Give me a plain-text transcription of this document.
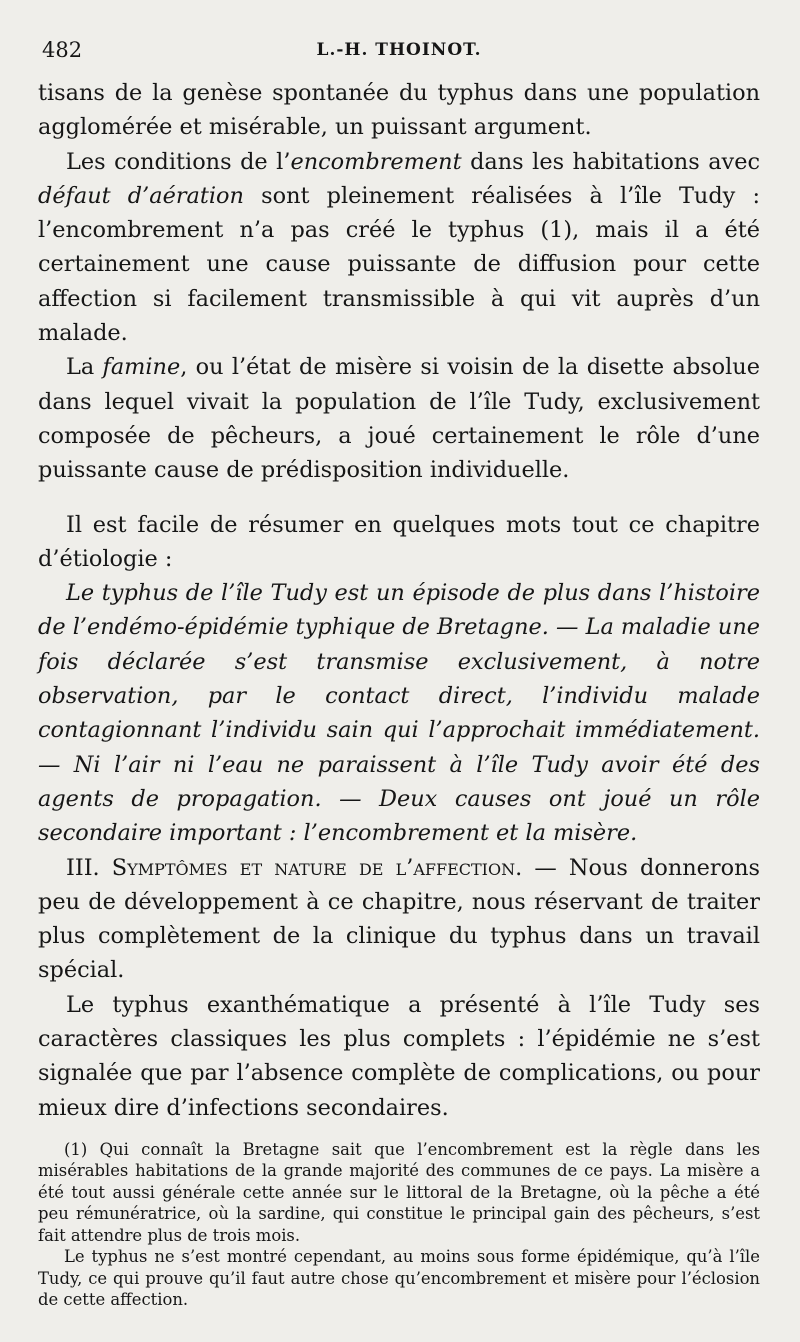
482	L.-H. THOINOT.

tisans de la genèse spontanée du typhus dans une population agglomérée et misérable, un puissant argument.

Les conditions de l’encombrement dans les habitations avec défaut d’aération sont pleinement réalisées à l’île Tudy : l’encombrement n’a pas créé le typhus (1), mais il a été certainement une cause puissante de diffusion pour cette affection si facilement transmissible à qui vit auprès d’un malade.

La famine, ou l’état de misère si voisin de la disette absolue dans lequel vivait la population de l’île Tudy, exclusivement composée de pêcheurs, a joué certainement le rôle d’une puissante cause de prédisposition individuelle.

Il est facile de résumer en quelques mots tout ce chapitre d’étiologie :

Le typhus de l’île Tudy est un épisode de plus dans l’histoire de l’endémo-épidémie typhique de Bretagne. — La maladie une fois déclarée s’est transmise exclusivement, à notre observation, par le contact direct, l’individu malade contagionnant l’individu sain qui l’approchait immédiatement. — Ni l’air ni l’eau ne paraissent à l’île Tudy avoir été des agents de propagation. — Deux causes ont joué un rôle secondaire important : l’encombrement et la misère.

III. Symptômes et nature de l’affection. — Nous donnerons peu de développement à ce chapitre, nous réservant de traiter plus complètement de la clinique du typhus dans un travail spécial.

Le typhus exanthématique a présenté à l’île Tudy ses caractères classiques les plus complets : l’épidémie ne s’est signalée que par l’absence complète de complications, ou pour mieux dire d’infections secondaires.

(1) Qui connaît la Bretagne sait que l’encombrement est la règle dans les misérables habitations de la grande majorité des communes de ce pays. La misère a été tout aussi générale cette année sur le littoral de la Bretagne, où la pêche a été peu rémunératrice, où la sardine, qui constitue le principal gain des pêcheurs, s’est fait attendre plus de trois mois.

Le typhus ne s’est montré cependant, au moins sous forme épidémique, qu’à l’île Tudy, ce qui prouve qu’il faut autre chose qu’encombrement et misère pour l’éclosion de cette affection.
